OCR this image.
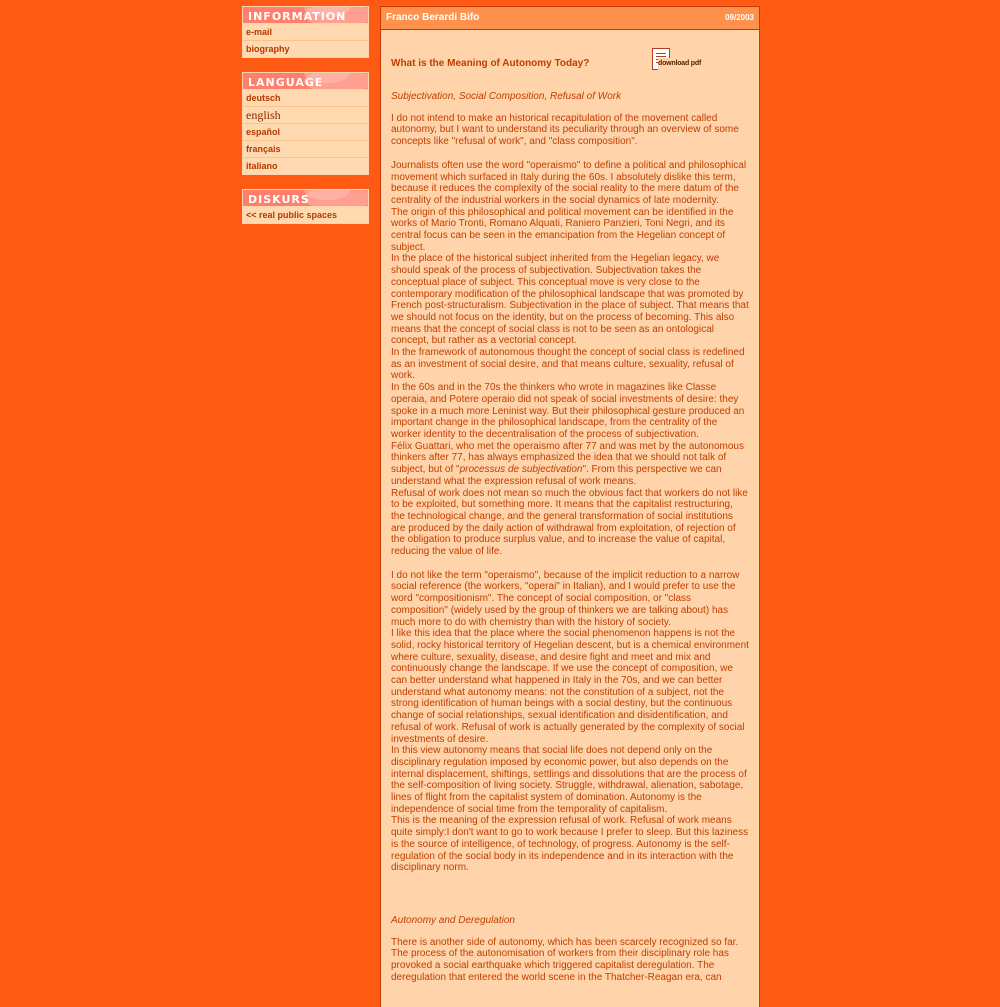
INFORMATION
e-mail
biography
LANGUAGE
deutsch
english
español
français
italiano
DISKURS
<< real public spaces
Franco Berardi Bifo	09/2003
What is the Meaning of Autonomy Today?	download pdf
Subjectivation, Social Composition, Refusal of Work

I do not intend to make an historical recapitulation of the movement called autonomy, but I want to understand its peculiarity through an overview of some concepts like "refusal of work", and "class composition".

Journalists often use the word "operaismo" to define a political and philosophical movement which surfaced in Italy during the 60s. I absolutely dislike this term, because it reduces the complexity of the social reality to the mere datum of the centrality of the industrial workers in the social dynamics of late modernity.

The origin of this philosophical and political movement can be identified in the works of Mario Tronti, Romano Alquati, Raniero Panzieri, Toni Negri, and its central focus can be seen in the emancipation from the Hegelian concept of subject.

In the place of the historical subject inherited from the Hegelian legacy, we should speak of the process of subjectivation. Subjectivation takes the conceptual place of subject. This conceptual move is very close to the contemporary modification of the philosophical landscape that was promoted by French post-structuralism. Subjectivation in the place of subject. That means that we should not focus on the identity, but on the process of becoming. This also means that the concept of social class is not to be seen as an ontological concept, but rather as a vectorial concept.

In the framework of autonomous thought the concept of social class is redefined as an investment of social desire, and that means culture, sexuality, refusal of work.

In the 60s and in the 70s the thinkers who wrote in magazines like Classe operaia, and Potere operaio did not speak of social investments of desire: they spoke in a much more Leninist way. But their philosophical gesture produced an important change in the philosophical landscape, from the centrality of the worker identity to the decentralisation of the process of subjectivation.

Félix Guattari, who met the operaismo after 77 and was met by the autonomous thinkers after 77, has always emphasized the idea that we should not talk of subject, but of "processus de subjectivation". From this perspective we can understand what the expression refusal of work means.

Refusal of work does not mean so much the obvious fact that workers do not like to be exploited, but something more. It means that the capitalist restructuring, the technological change, and the general transformation of social institutions are produced by the daily action of withdrawal from exploitation, of rejection of the obligation to produce surplus value, and to increase the value of capital, reducing the value of life.

I do not like the term "operaismo", because of the implicit reduction to a narrow social reference (the workers, "operai" in Italian), and I would prefer to use the word "compositionism". The concept of social composition, or "class composition" (widely used by the group of thinkers we are talking about) has much more to do with chemistry than with the history of society.

I like this idea that the place where the social phenomenon happens is not the solid, rocky historical territory of Hegelian descent, but is a chemical environment where culture, sexuality, disease, and desire fight and meet and mix and continuously change the landscape. If we use the concept of composition, we can better understand what happened in Italy in the 70s, and we can better understand what autonomy means: not the constitution of a subject, not the strong identification of human beings with a social destiny, but the continuous change of social relationships, sexual identification and disidentification, and refusal of work. Refusal of work is actually generated by the complexity of social investments of desire.

In this view autonomy means that social life does not depend only on the disciplinary regulation imposed by economic power, but also depends on the internal displacement, shiftings, settlings and dissolutions that are the process of the self-composition of living society. Struggle, withdrawal, alienation, sabotage, lines of flight from the capitalist system of domination. Autonomy is the independence of social time from the temporality of capitalism.

This is the meaning of the expression refusal of work. Refusal of work means quite simply:I don't want to go to work because I prefer to sleep. But this laziness is the source of intelligence, of technology, of progress. Autonomy is the self-regulation of the social body in its independence and in its interaction with the disciplinary norm.

Autonomy and Deregulation

There is another side of autonomy, which has been scarcely recognized so far. The process of the autonomisation of workers from their disciplinary role has provoked a social earthquake which triggered capitalist deregulation. The deregulation that entered the world scene in the Thatcher-Reagan era, can
